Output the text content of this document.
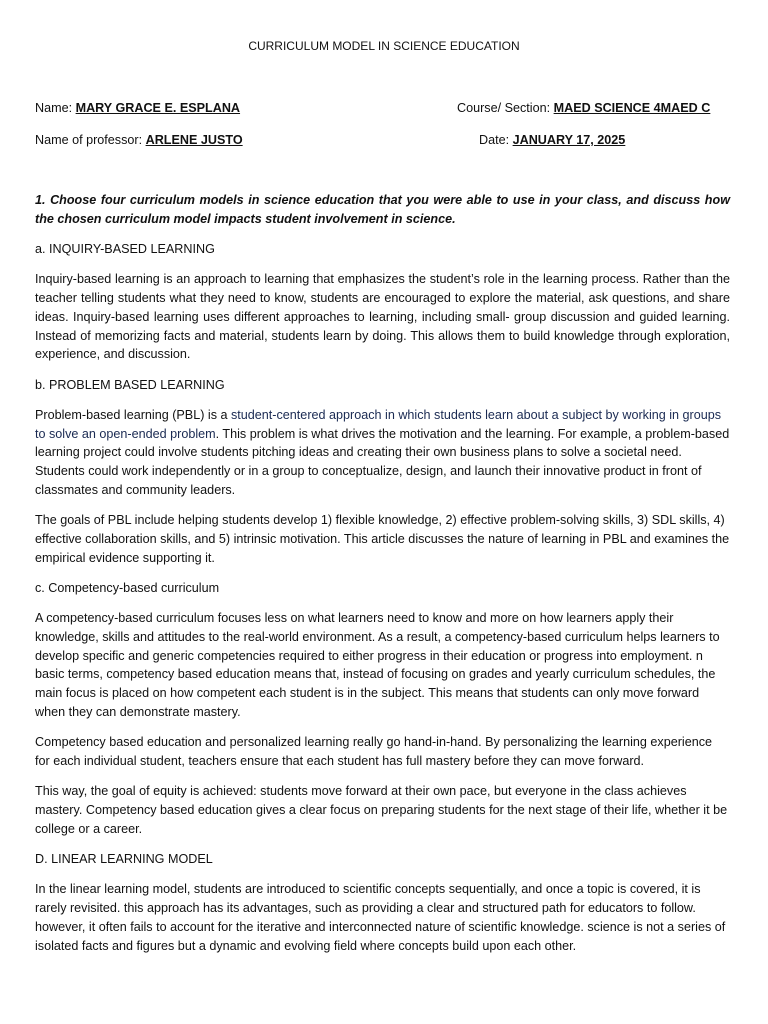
CURRICULUM MODEL IN SCIENCE EDUCATION
Name: MARY GRACE E. ESPLANA	Course/ Section: MAED SCIENCE 4MAED C
Name of professor: ARLENE JUSTO	Date: JANUARY 17, 2025

1. Choose four curriculum models in science education that you were able to use in your class, and discuss how the chosen curriculum model impacts student involvement in science.

a. INQUIRY-BASED LEARNING

Inquiry-based learning is an approach to learning that emphasizes the student’s role in the learning process. Rather than the teacher telling students what they need to know, students are encouraged to explore the material, ask questions, and share ideas. Inquiry-based learning uses different approaches to learning, including small- group discussion and guided learning. Instead of memorizing facts and material, students learn by doing. This allows them to build knowledge through exploration, experience, and discussion.

b. PROBLEM BASED LEARNING

Problem-based learning (PBL) is a student-centered approach in which students learn about a subject by working in groups to solve an open-ended problem. This problem is what drives the motivation and the learning. For example, a problem-based learning project could involve students pitching ideas and creating their own business plans to solve a societal need. Students could work independently or in a group to conceptualize, design, and launch their innovative product in front of classmates and community leaders.

The goals of PBL include helping students develop 1) flexible knowledge, 2) effective problem-solving skills, 3) SDL skills, 4) effective collaboration skills, and 5) intrinsic motivation. This article discusses the nature of learning in PBL and examines the empirical evidence supporting it.

c. Competency-based curriculum

A competency-based curriculum focuses less on what learners need to know and more on how learners apply their knowledge, skills and attitudes to the real-world environment. As a result, a competency-based curriculum helps learners to develop specific and generic competencies required to either progress in their education or progress into employment. n basic terms, competency based education means that, instead of focusing on grades and yearly curriculum schedules, the main focus is placed on how competent each student is in the subject. This means that students can only move forward when they can demonstrate mastery.

Competency based education and personalized learning really go hand-in-hand. By personalizing the learning experience for each individual student, teachers ensure that each student has full mastery before they can move forward.

This way, the goal of equity is achieved: students move forward at their own pace, but everyone in the class achieves mastery. Competency based education gives a clear focus on preparing students for the next stage of their life, whether it be college or a career.

D. LINEAR LEARNING MODEL

In the linear learning model, students are introduced to scientific concepts sequentially, and once a topic is covered, it is rarely revisited. this approach has its advantages, such as providing a clear and structured path for educators to follow. however, it often fails to account for the iterative and interconnected nature of scientific knowledge. science is not a series of isolated facts and figures but a dynamic and evolving field where concepts build upon each other.
